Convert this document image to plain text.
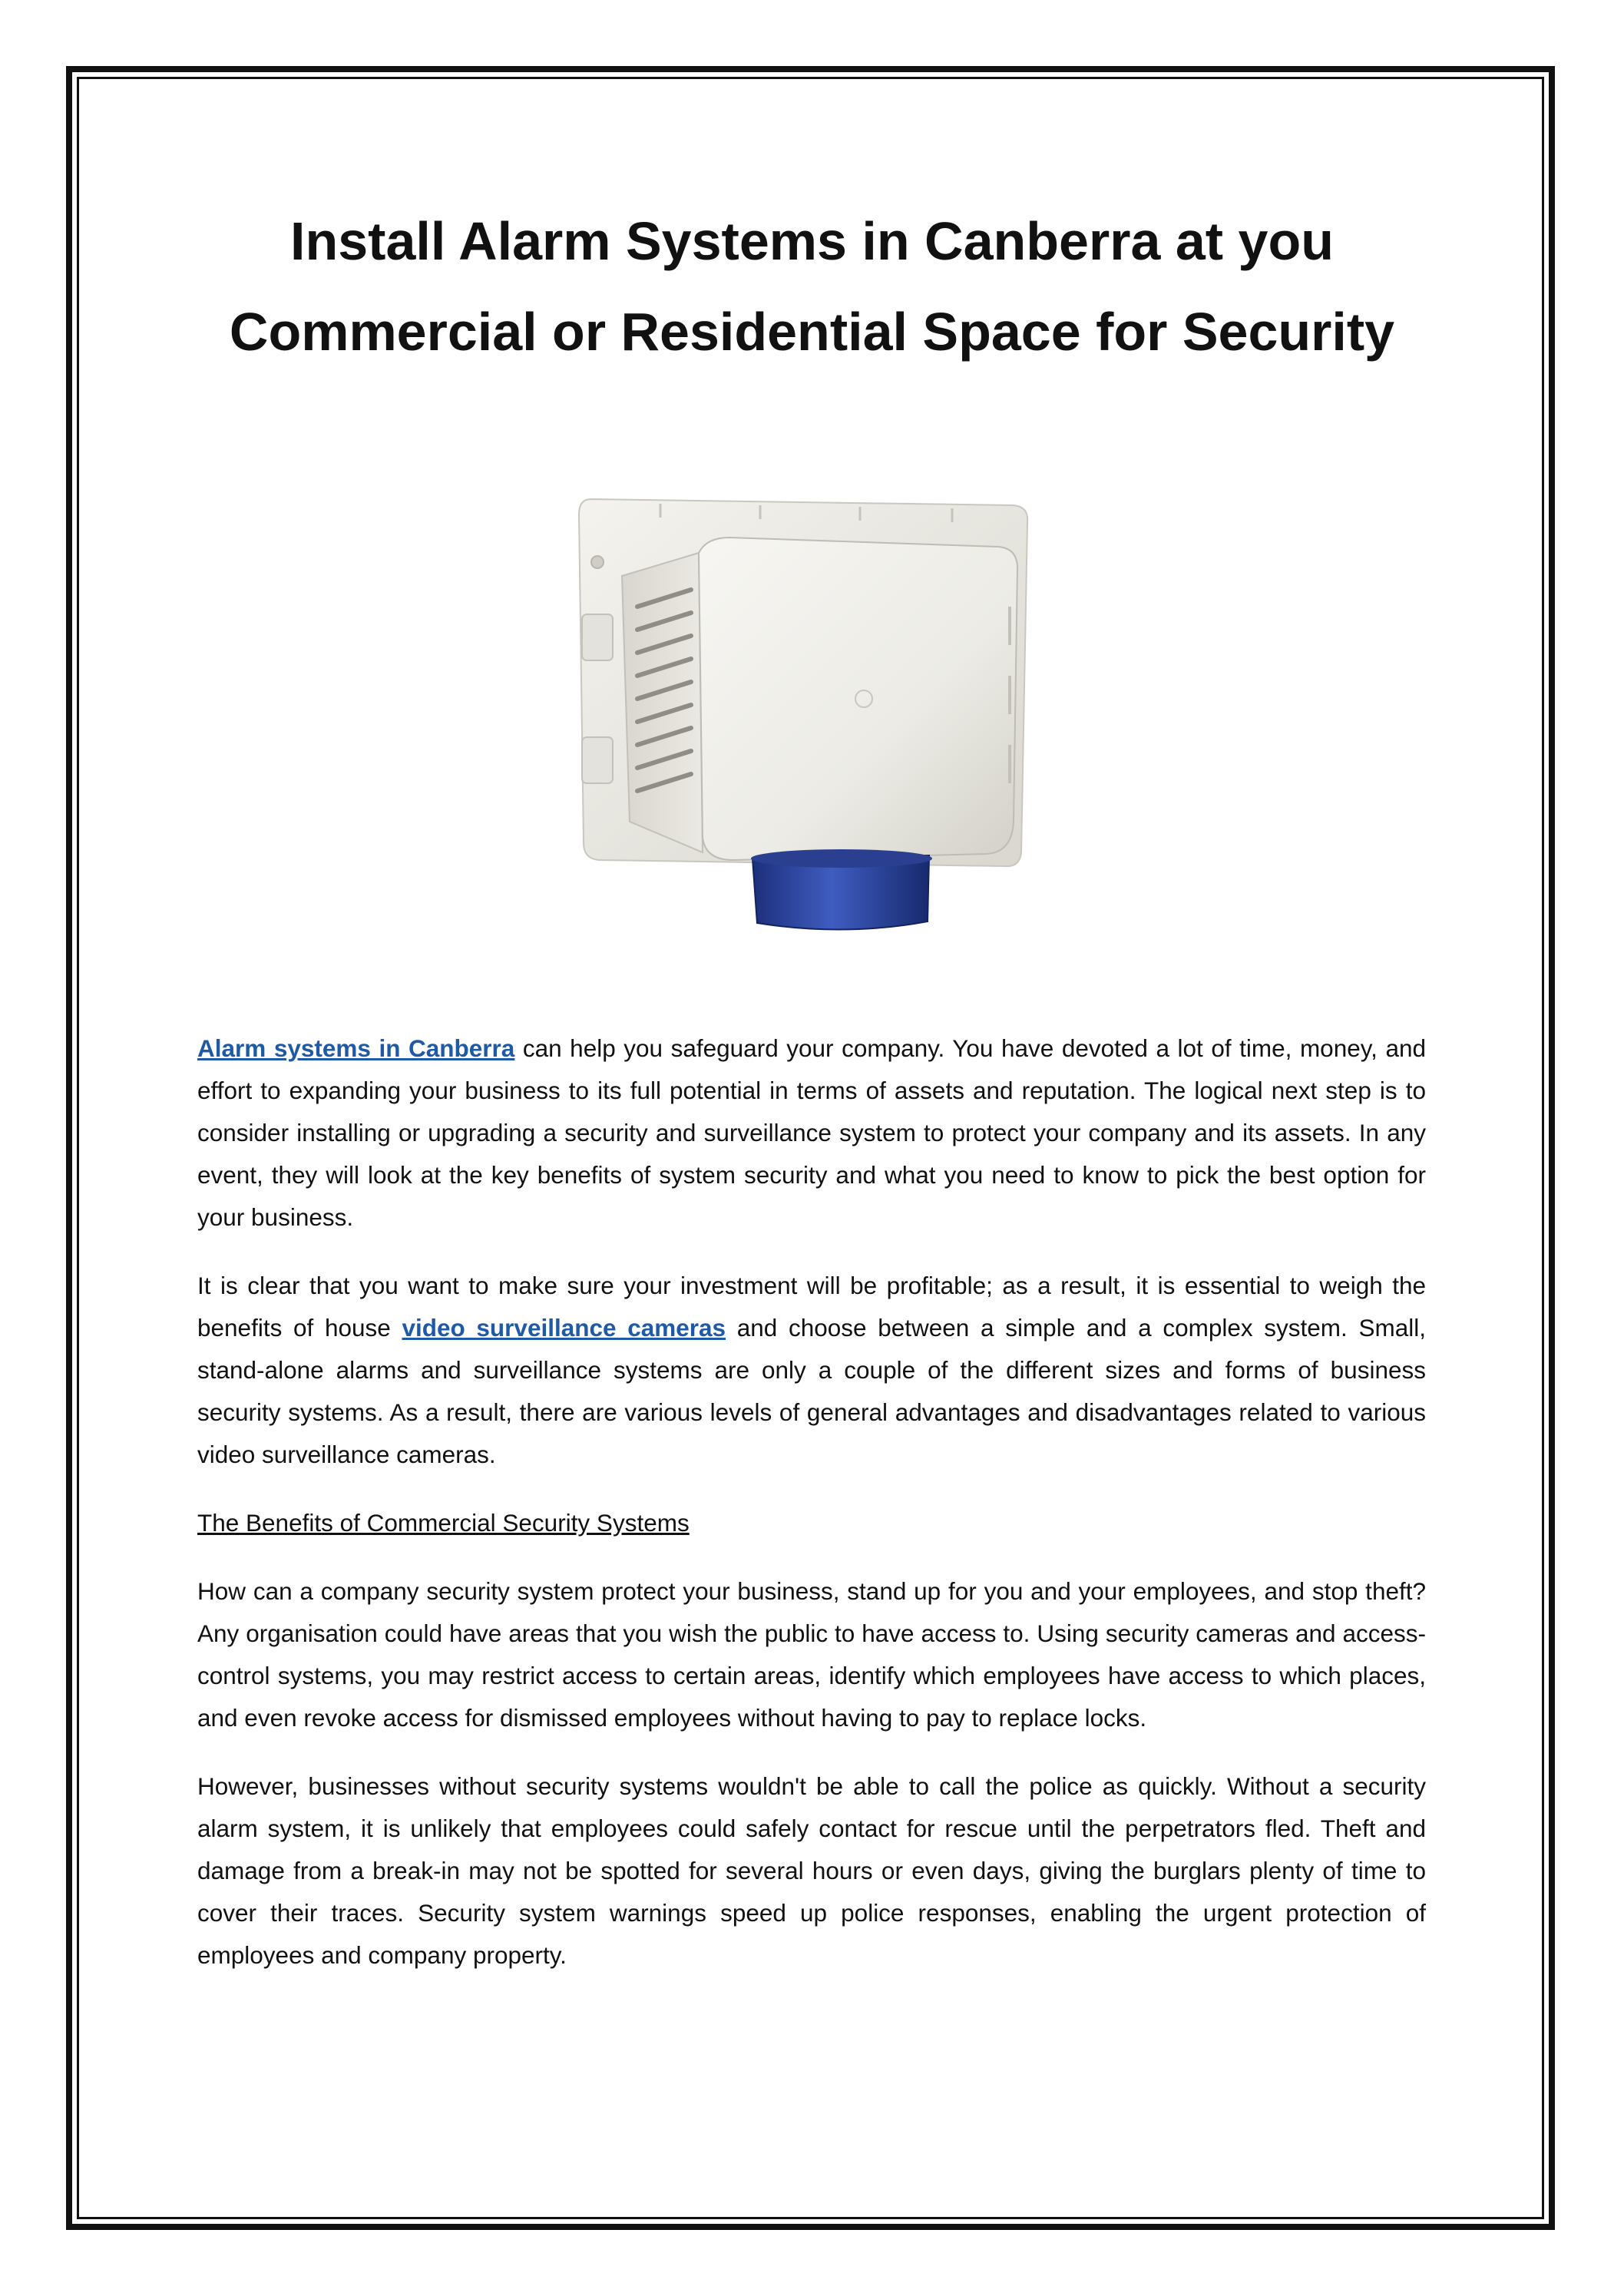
Install Alarm Systems in Canberra at you
Commercial or Residential Space for Security

Alarm systems in Canberra can help you safeguard your company. You have devoted a lot of time, money, and effort to expanding your business to its full potential in terms of assets and reputation. The logical next step is to consider installing or upgrading a security and surveillance system to protect your company and its assets. In any event, they will look at the key benefits of system security and what you need to know to pick the best option for your business.

It is clear that you want to make sure your investment will be profitable; as a result, it is essential to weigh the benefits of house video surveillance cameras and choose between a simple and a complex system. Small, stand-alone alarms and surveillance systems are only a couple of the different sizes and forms of business security systems. As a result, there are various levels of general advantages and disadvantages related to various video surveillance cameras.

The Benefits of Commercial Security Systems

How can a company security system protect your business, stand up for you and your employees, and stop theft? Any organisation could have areas that you wish the public to have access to. Using security cameras and access-control systems, you may restrict access to certain areas, identify which employees have access to which places, and even revoke access for dismissed employees without having to pay to replace locks.

However, businesses without security systems wouldn't be able to call the police as quickly. Without a security alarm system, it is unlikely that employees could safely contact for rescue until the perpetrators fled. Theft and damage from a break-in may not be spotted for several hours or even days, giving the burglars plenty of time to cover their traces. Security system warnings speed up police responses, enabling the urgent protection of employees and company property.
